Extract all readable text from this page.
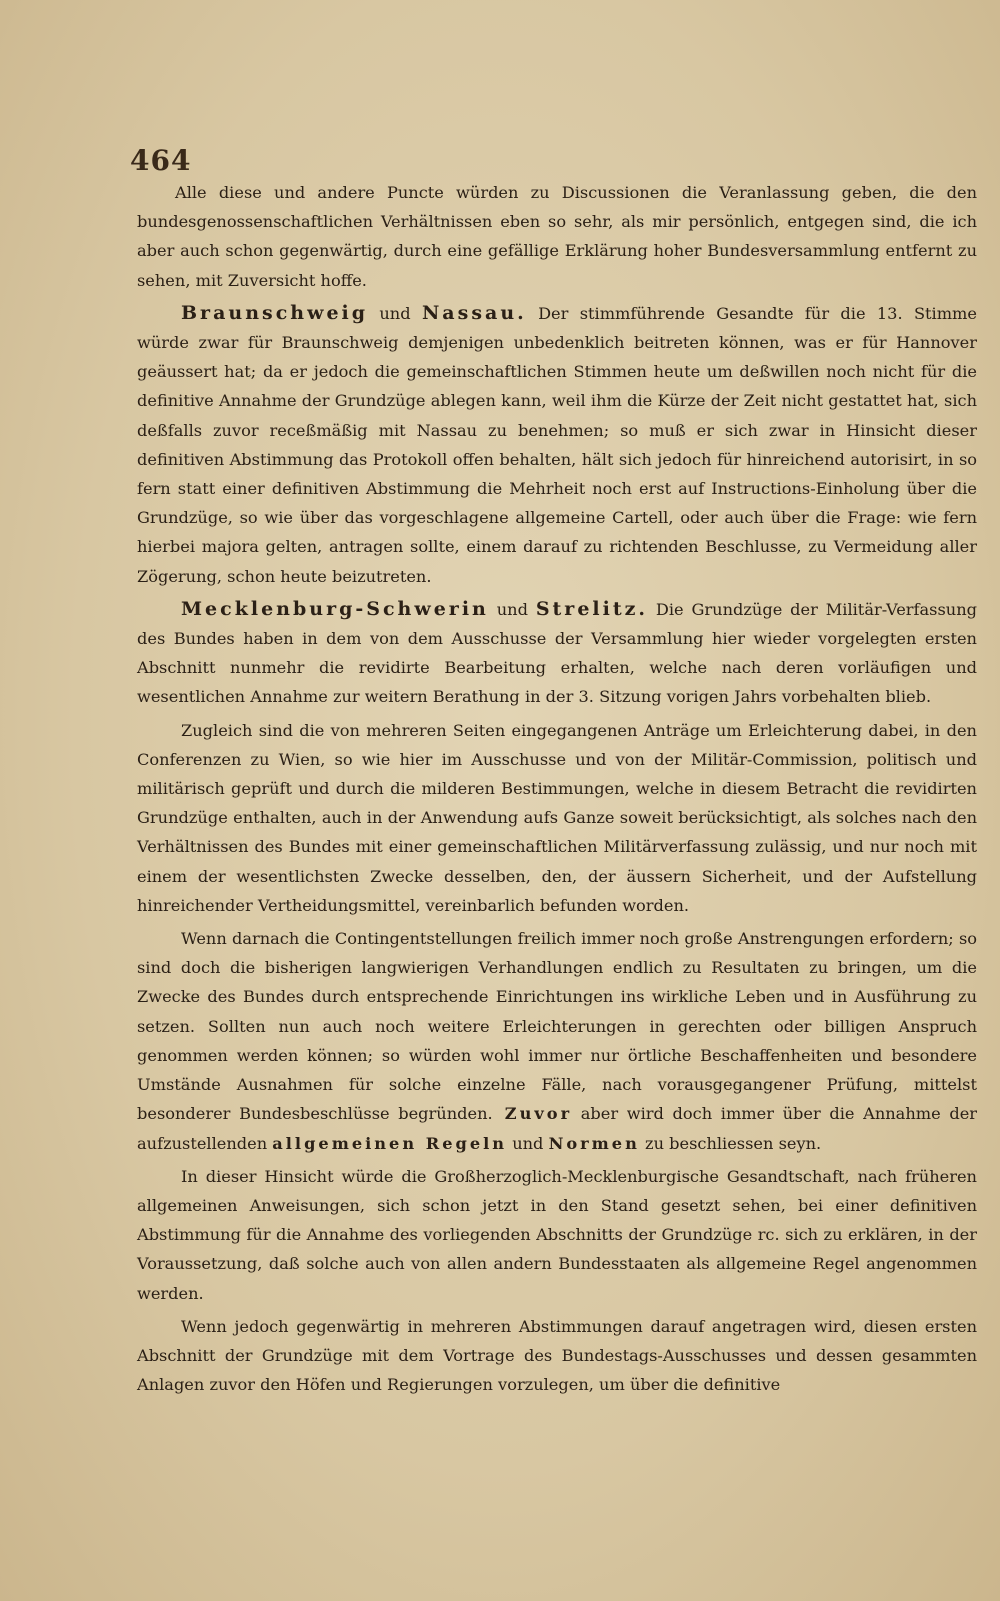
464

Alle diese und andere Puncte würden zu Discussionen die Veranlassung geben, die den bundesgenossenschaftlichen Verhältnissen eben so sehr, als mir persönlich, entgegen sind, die ich aber auch schon gegenwärtig, durch eine gefällige Erklärung hoher Bundesversammlung entfernt zu sehen, mit Zuversicht hoffe.

Braunschweig und Nassau. Der stimmführende Gesandte für die 13. Stimme würde zwar für Braunschweig demjenigen unbedenklich beitreten können, was er für Hannover geäussert hat; da er jedoch die gemeinschaftlichen Stimmen heute um deßwillen noch nicht für die definitive Annahme der Grundzüge ablegen kann, weil ihm die Kürze der Zeit nicht gestattet hat, sich deßfalls zuvor receßmäßig mit Nassau zu benehmen; so muß er sich zwar in Hinsicht dieser definitiven Abstimmung das Protokoll offen behalten, hält sich jedoch für hinreichend autorisirt, in so fern statt einer definitiven Abstimmung die Mehrheit noch erst auf Instructions-Einholung über die Grundzüge, so wie über das vorgeschlagene allgemeine Cartell, oder auch über die Frage: wie fern hierbei majora gelten, antragen sollte, einem darauf zu richtenden Beschlusse, zu Vermeidung aller Zögerung, schon heute beizutreten.

Mecklenburg-Schwerin und Strelitz. Die Grundzüge der Militär-Verfassung des Bundes haben in dem von dem Ausschusse der Versammlung hier wieder vorgelegten ersten Abschnitt nunmehr die revidirte Bearbeitung erhalten, welche nach deren vorläufigen und wesentlichen Annahme zur weitern Berathung in der 3. Sitzung vorigen Jahrs vorbehalten blieb.

Zugleich sind die von mehreren Seiten eingegangenen Anträge um Erleichterung dabei, in den Conferenzen zu Wien, so wie hier im Ausschusse und von der Militär-Commission, politisch und militärisch geprüft und durch die milderen Bestimmungen, welche in diesem Betracht die revidirten Grundzüge enthalten, auch in der Anwendung aufs Ganze soweit berücksichtigt, als solches nach den Verhältnissen des Bundes mit einer gemeinschaftlichen Militärverfassung zulässig, und nur noch mit einem der wesentlichsten Zwecke desselben, den, der äussern Sicherheit, und der Aufstellung hinreichender Vertheidungsmittel, vereinbarlich befunden worden.

Wenn darnach die Contingentstellungen freilich immer noch große Anstrengungen erfordern; so sind doch die bisherigen langwierigen Verhandlungen endlich zu Resultaten zu bringen, um die Zwecke des Bundes durch entsprechende Einrichtungen ins wirkliche Leben und in Ausführung zu setzen. Sollten nun auch noch weitere Erleichterungen in gerechten oder billigen Anspruch genommen werden können; so würden wohl immer nur örtliche Beschaffenheiten und besondere Umstände Ausnahmen für solche einzelne Fälle, nach vorausgegangener Prüfung, mittelst besonderer Bundesbeschlüsse begründen. Zuvor aber wird doch immer über die Annahme der aufzustellenden allgemeinen Regeln und Normen zu beschliessen seyn.

In dieser Hinsicht würde die Großherzoglich-Mecklenburgische Gesandtschaft, nach früheren allgemeinen Anweisungen, sich schon jetzt in den Stand gesetzt sehen, bei einer definitiven Abstimmung für die Annahme des vorliegenden Abschnitts der Grundzüge rc. sich zu erklären, in der Voraussetzung, daß solche auch von allen andern Bundesstaaten als allgemeine Regel angenommen werden.

Wenn jedoch gegenwärtig in mehreren Abstimmungen darauf angetragen wird, diesen ersten Abschnitt der Grundzüge mit dem Vortrage des Bundestags-Ausschusses und dessen gesammten Anlagen zuvor den Höfen und Regierungen vorzulegen, um über die definitive
